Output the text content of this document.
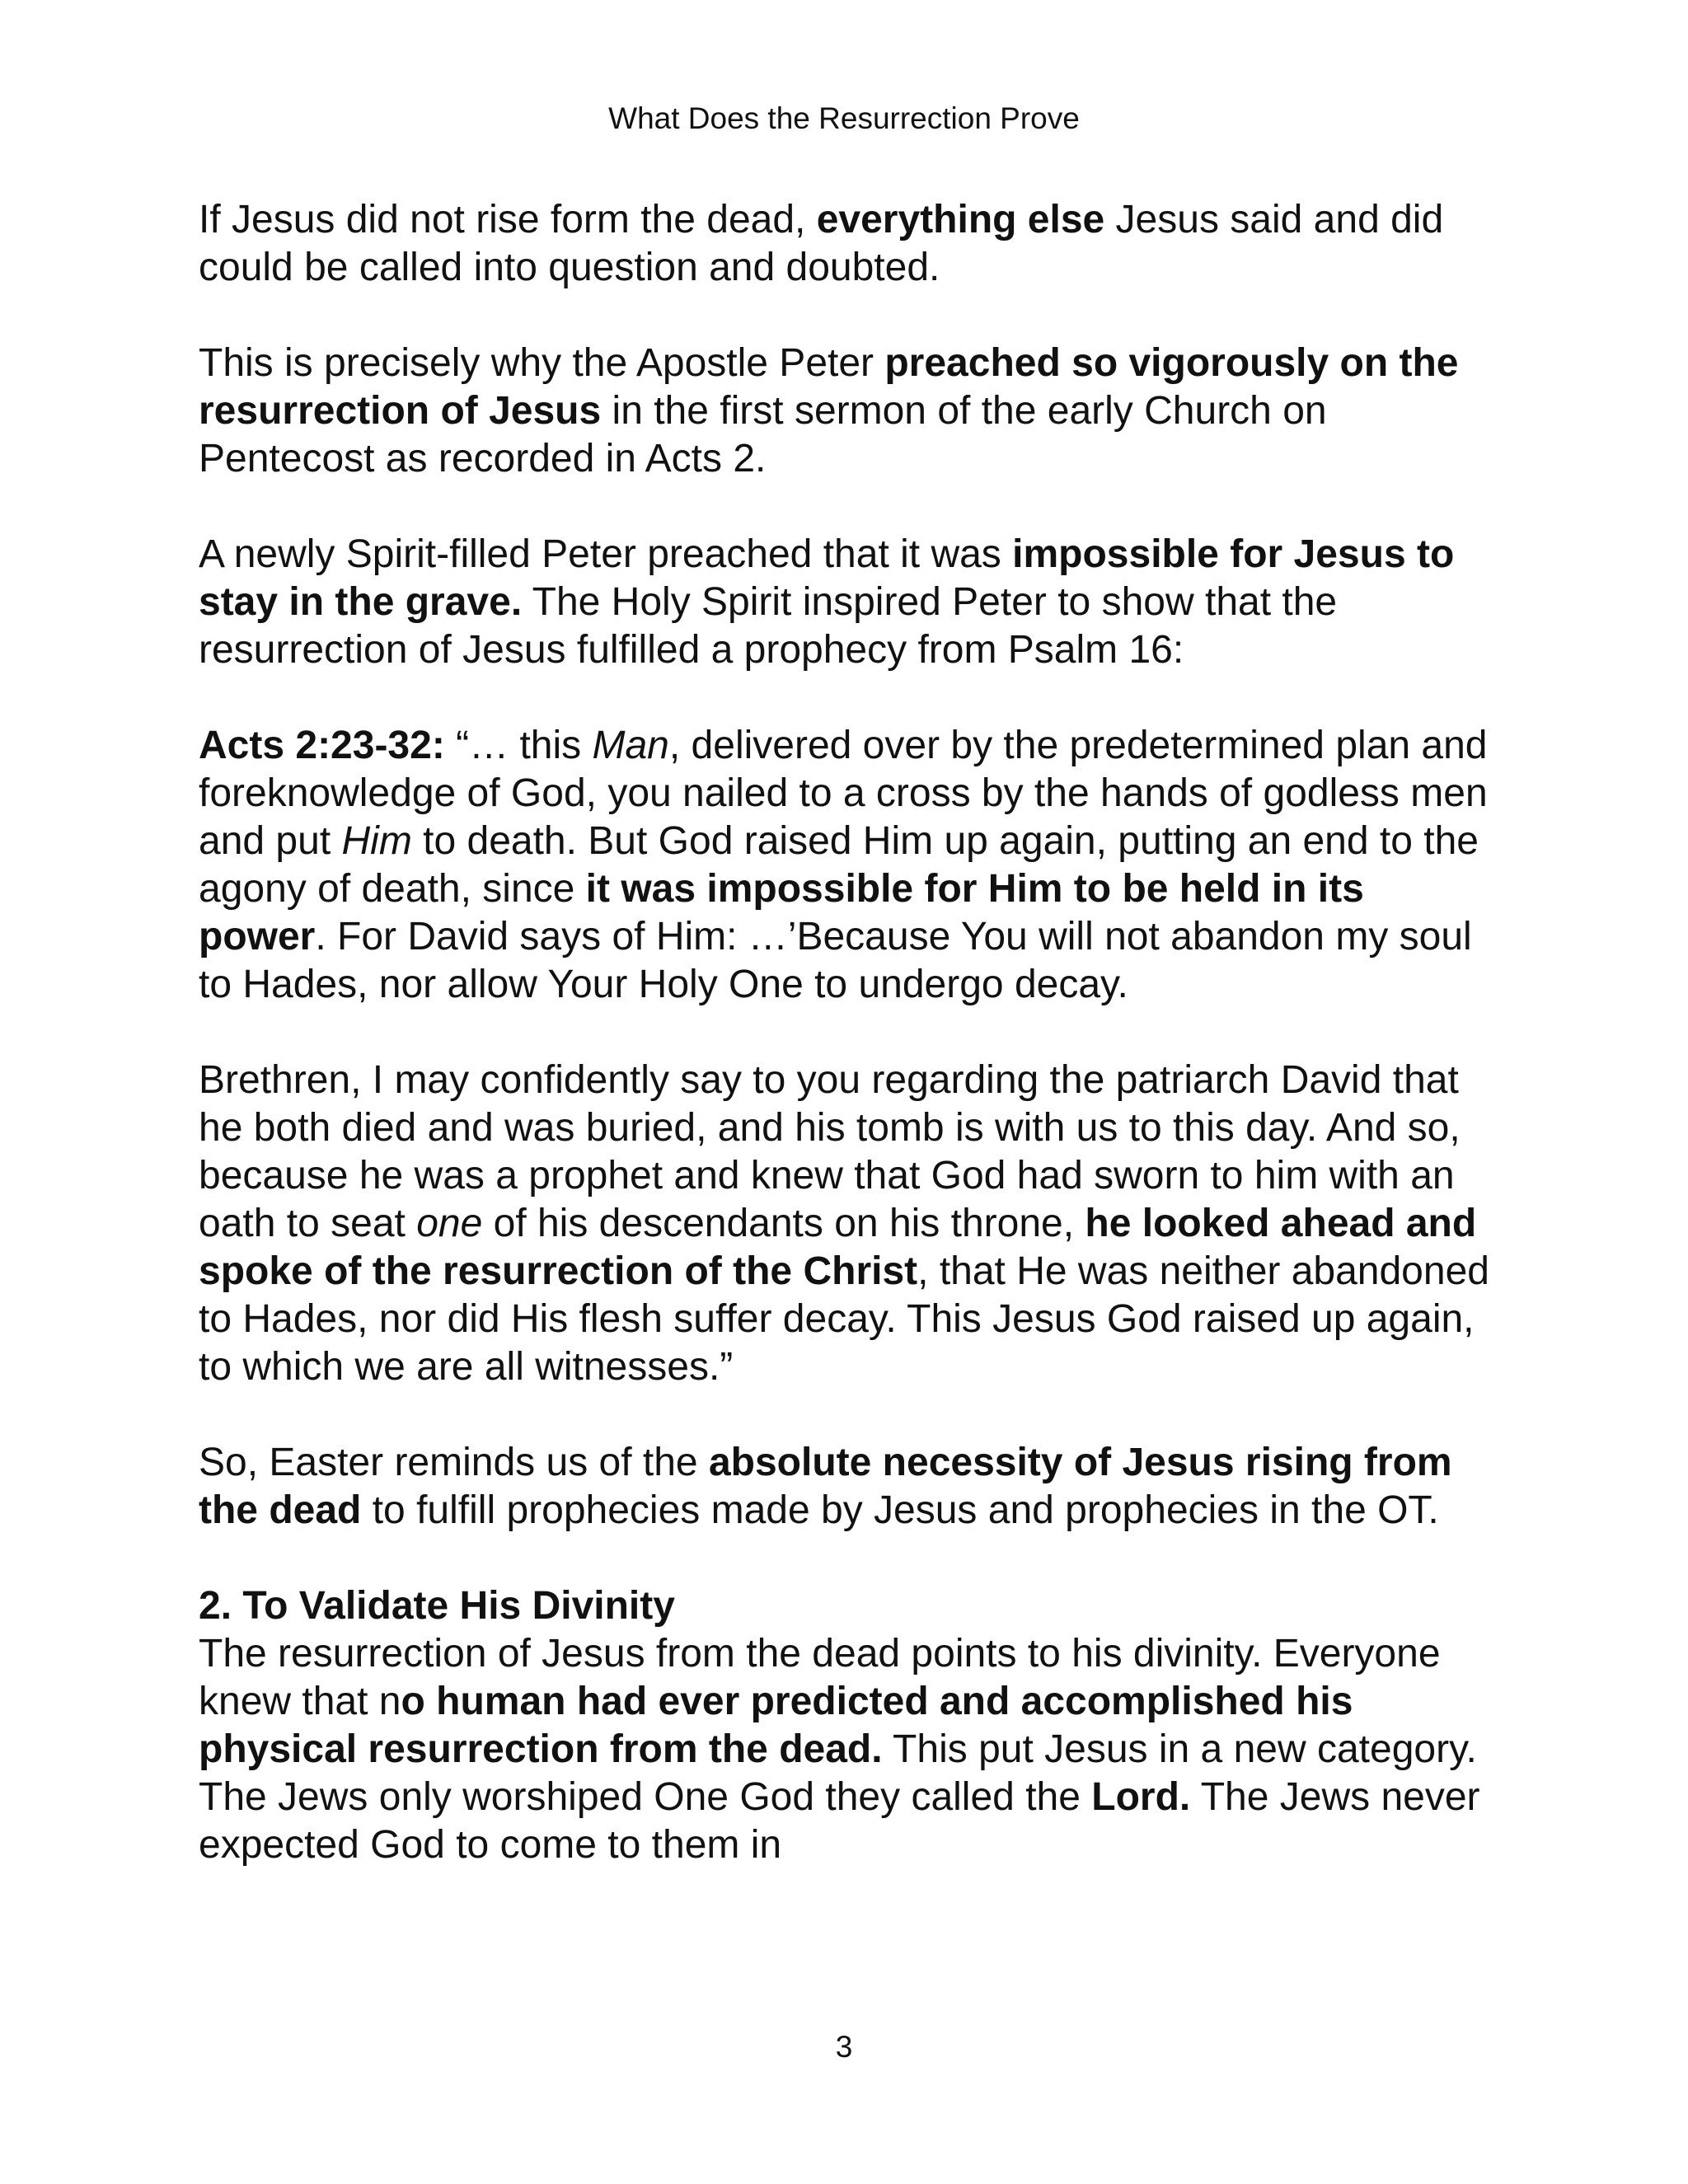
What Does the Resurrection Prove

If Jesus did not rise form the dead, everything else Jesus said and did could be called into question and doubted.

This is precisely why the Apostle Peter preached so vigorously on the resurrection of Jesus in the first sermon of the early Church on Pentecost as recorded in Acts 2.

A newly Spirit-filled Peter preached that it was impossible for Jesus to stay in the grave. The Holy Spirit inspired Peter to show that the resurrection of Jesus fulfilled a prophecy from Psalm 16:

Acts 2:23-32: “… this Man, delivered over by the predetermined plan and foreknowledge of God, you nailed to a cross by the hands of godless men and put Him to death. But God raised Him up again, putting an end to the agony of death, since it was impossible for Him to be held in its power. For David says of Him: …’Because You will not abandon my soul to Hades, nor allow Your Holy One to undergo decay.

Brethren, I may confidently say to you regarding the patriarch David that he both died and was buried, and his tomb is with us to this day. And so, because he was a prophet and knew that God had sworn to him with an oath to seat one of his descendants on his throne, he looked ahead and spoke of the resurrection of the Christ, that He was neither abandoned to Hades, nor did His flesh suffer decay. This Jesus God raised up again, to which we are all witnesses.”

So, Easter reminds us of the absolute necessity of Jesus rising from the dead to fulfill prophecies made by Jesus and prophecies in the OT.

2. To Validate His Divinity

The resurrection of Jesus from the dead points to his divinity. Everyone knew that no human had ever predicted and accomplished his physical resurrection from the dead. This put Jesus in a new category. The Jews only worshiped One God they called the Lord. The Jews never expected God to come to them in

3
